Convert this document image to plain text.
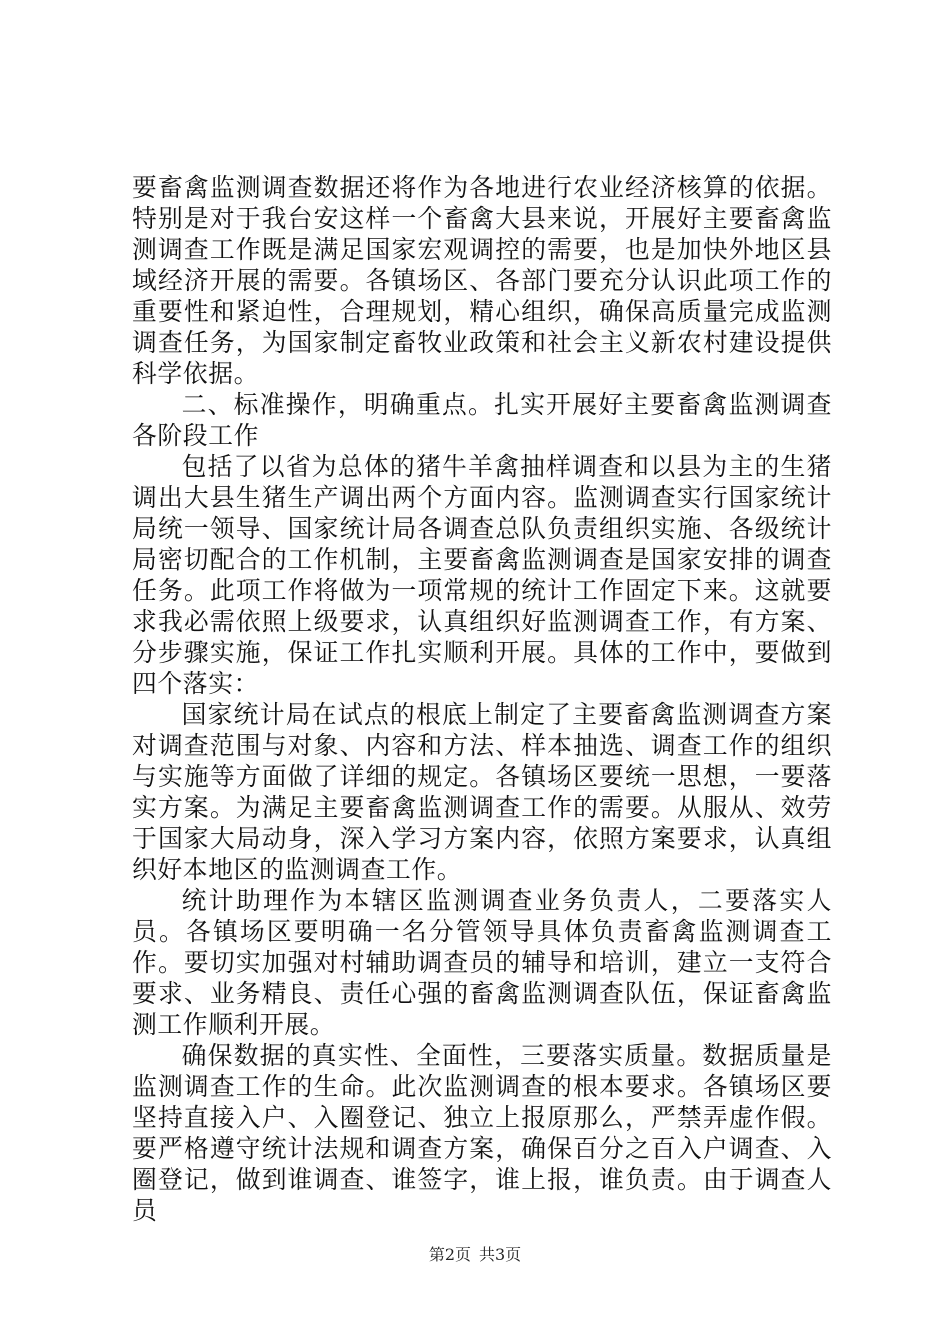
要畜禽监测调查数据还将作为各地进行农业经济核算的依据。特别是对于我台安这样一个畜禽大县来说，开展好主要畜禽监测调查工作既是满足国家宏观调控的需要，也是加快外地区县域经济开展的需要。各镇场区、各部门要充分认识此项工作的重要性和紧迫性，合理规划，精心组织，确保高质量完成监测调查任务，为国家制定畜牧业政策和社会主义新农村建设提供科学依据。

二、标准操作，明确重点。扎实开展好主要畜禽监测调查各阶段工作

包括了以省为总体的猪牛羊禽抽样调查和以县为主的生猪调出大县生猪生产调出两个方面内容。监测调查实行国家统计局统一领导、国家统计局各调查总队负责组织实施、各级统计局密切配合的工作机制，主要畜禽监测调查是国家安排的调查任务。此项工作将做为一项常规的统计工作固定下来。这就要求我必需依照上级要求，认真组织好监测调查工作，有方案、分步骤实施，保证工作扎实顺利开展。具体的工作中，要做到四个落实：

国家统计局在试点的根底上制定了主要畜禽监测调查方案对调查范围与对象、内容和方法、样本抽选、调查工作的组织与实施等方面做了详细的规定。各镇场区要统一思想，一要落实方案。为满足主要畜禽监测调查工作的需要。从服从、效劳于国家大局动身，深入学习方案内容，依照方案要求，认真组织好本地区的监测调查工作。

统计助理作为本辖区监测调查业务负责人，二要落实人员。各镇场区要明确一名分管领导具体负责畜禽监测调查工作。要切实加强对村辅助调查员的辅导和培训，建立一支符合要求、业务精良、责任心强的畜禽监测调查队伍，保证畜禽监测工作顺利开展。

确保数据的真实性、全面性，三要落实质量。数据质量是监测调查工作的生命。此次监测调查的根本要求。各镇场区要坚持直接入户、入圈登记、独立上报原那么，严禁弄虚作假。要严格遵守统计法规和调查方案，确保百分之百入户调查、入圈登记，做到谁调查、谁签字，谁上报，谁负责。由于调查人员

第2页 共3页
